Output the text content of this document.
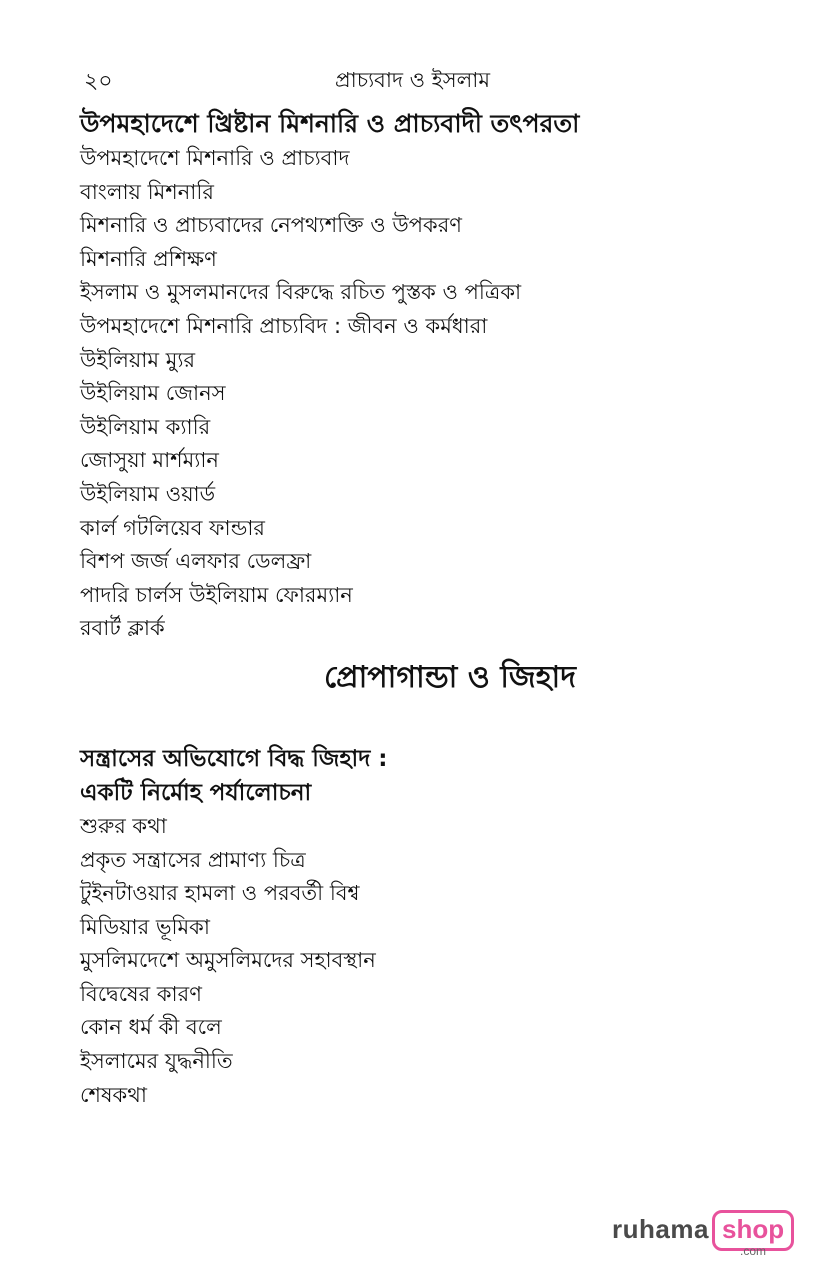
২০	প্রাচ্যবাদ ও ইসলাম
উপমহাদেশে খ্রিষ্টান মিশনারি ও প্রাচ্যবাদী তৎপরতা
উপমহাদেশে মিশনারি ও প্রাচ্যবাদ
বাংলায় মিশনারি
মিশনারি ও প্রাচ্যবাদের নেপথ্যশক্তি ও উপকরণ
মিশনারি প্রশিক্ষণ
ইসলাম ও মুসলমানদের বিরুদ্ধে রচিত পুস্তক ও পত্রিকা
উপমহাদেশে মিশনারি প্রাচ্যবিদ : জীবন ও কর্মধারা
উইলিয়াম ম্যুর
উইলিয়াম জোনস
উইলিয়াম ক্যারি
জোসুয়া মার্শম্যান
উইলিয়াম ওয়ার্ড
কার্ল গটলিয়েব ফান্ডার
বিশপ জর্জ এলফার ডেলফ্রা
পাদরি চার্লস উইলিয়াম ফোরম্যান
রবার্ট ক্লার্ক
প্রোপাগান্ডা ও জিহাদ
সন্ত্রাসের অভিযোগে বিদ্ধ জিহাদ :
একটি নির্মোহ পর্যালোচনা
শুরুর কথা
প্রকৃত সন্ত্রাসের প্রামাণ্য চিত্র
টুইনটাওয়ার হামলা ও পরবর্তী বিশ্ব
মিডিয়ার ভূমিকা
মুসলিমদেশে অমুসলিমদের সহাবস্থান
বিদ্বেষের কারণ
কোন ধর্ম কী বলে
ইসলামের যুদ্ধনীতি
শেষকথা
ruhama shop
.com
